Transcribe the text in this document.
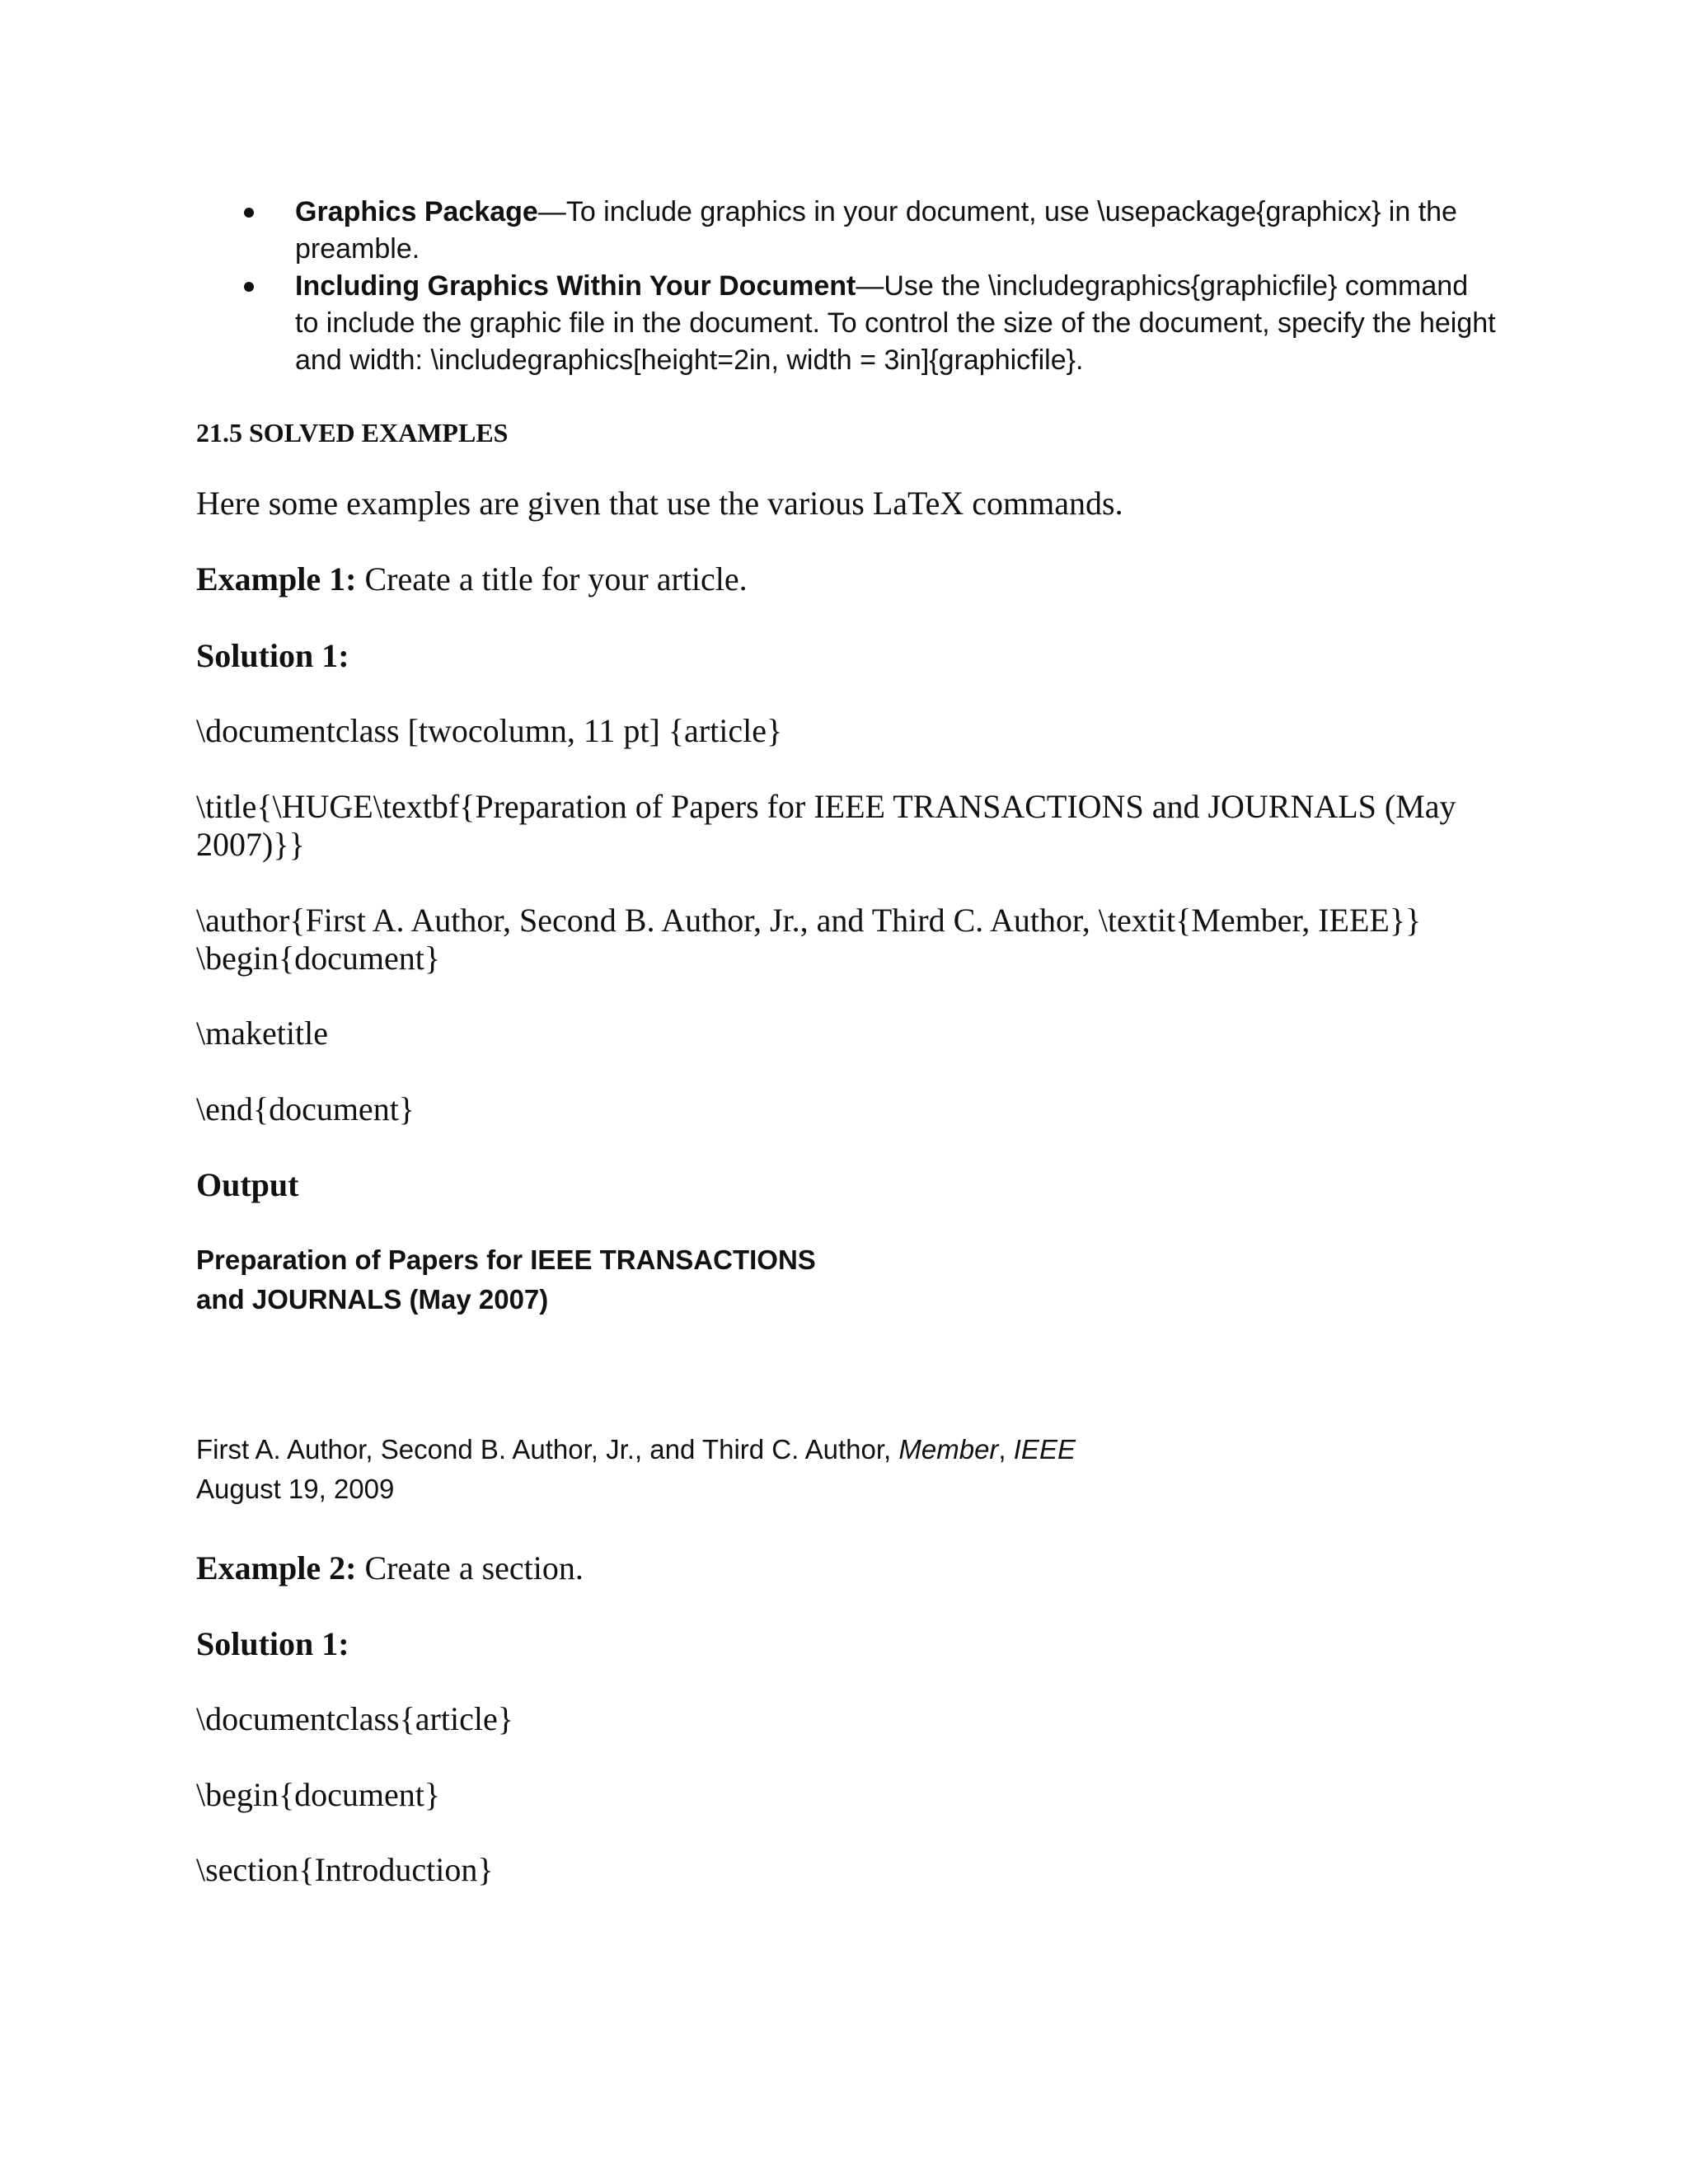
Graphics Package—To include graphics in your document, use \usepackage{graphicx} in the preamble.
Including Graphics Within Your Document—Use the \includegraphics{graphicfile} command to include the graphic file in the document. To control the size of the document, specify the height and width: \includegraphics[height=2in, width = 3in]{graphicfile}.
21.5 SOLVED EXAMPLES
Here some examples are given that use the various LaTeX commands.
Example 1: Create a title for your article.
Solution 1:
\documentclass [twocolumn, 11 pt] {article}
\title{\HUGE\textbf{Preparation of Papers for IEEE TRANSACTIONS and JOURNALS (May 2007)}}
\author{First A. Author, Second B. Author, Jr., and Third C. Author, \textit{Member, IEEE}}
\begin{document}
\maketitle
\end{document}
Output
Preparation of Papers for IEEE TRANSACTIONS
and JOURNALS (May 2007)
First A. Author, Second B. Author, Jr., and Third C. Author, Member, IEEE
August 19, 2009
Example 2: Create a section.
Solution 1:
\documentclass{article}
\begin{document}
\section{Introduction}
